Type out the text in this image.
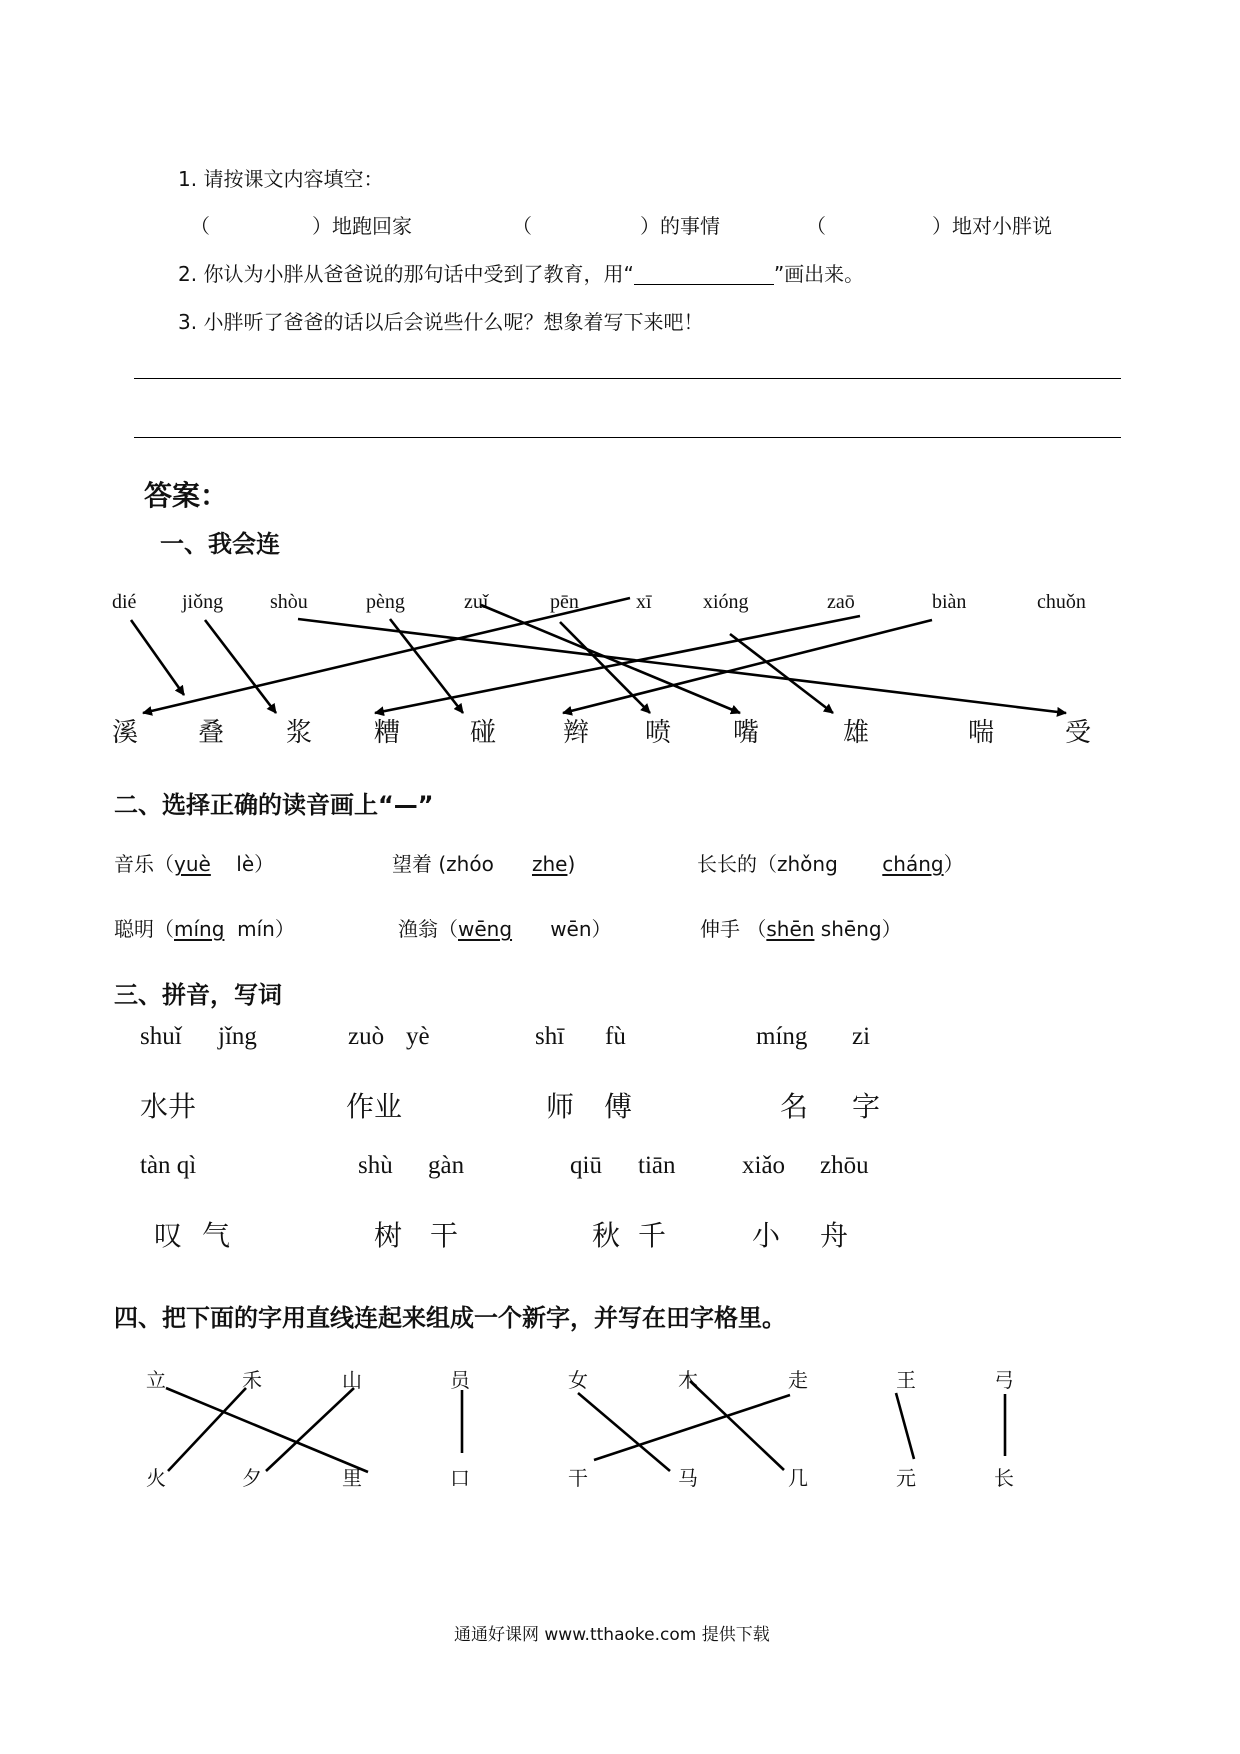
1. 请按课文内容填空：
（	） 地跑回家	（	） 的事情	（	） 地对小胖说
2. 你认为小胖从爸爸说的那句话中受到了教育，用“	”画出来。
3. 小胖听了爸爸的话以后会说些什么呢？想象着写下来吧！
答案：
一、我会连
dié jiǒng shòu	pèng	zuǐ	pēn	xī	xióng	zaō	biàn	chuǒn
溪 叠 浆 糟	碰	辫 喷 嘴	雄	喘	受
二、选择正确的读音画上“—”
音乐（yuè lè）	望着 (zhóo zhe)	长长的（zhǒng cháng）
聪明（míng mín）	渔翁（wēng wēn）	伸手 （shēn shēng）
三、拼音，写词
shuǐ jǐng	zuò yè	shī fù	míng zi
水井	作业	师 傅	名 字
tàn qì	shù gàn	qiū tiān	xiǎo zhōu
叹 气	树 干	秋 千	小 舟
四、把下面的字用直线连起来组成一个新字，并写在田字格里。
立	禾	山	员	女	木	走	王	弓
火	夕	里	口	干	马	几	元	长
通通好课网 www.tthaoke.com 提供下载
